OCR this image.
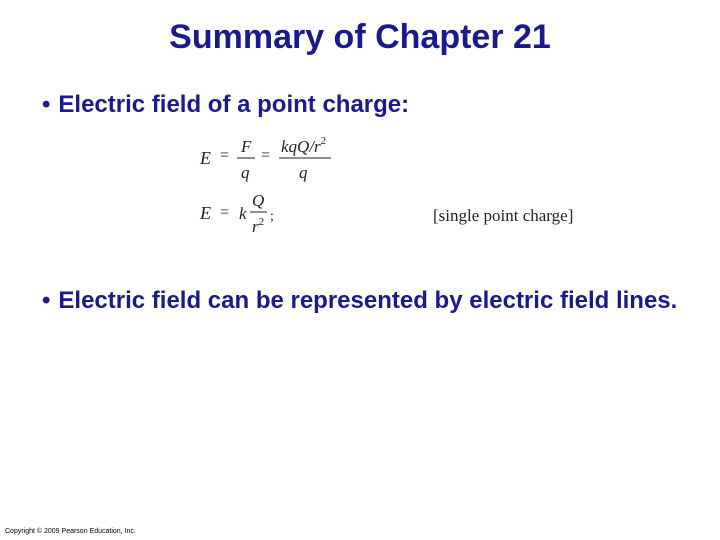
Summary of Chapter 21
• Electric field of a point charge:
E = F
q
= kqQ/$r^2$
q
E = k
Q
$r^2$ ;	[single point charge]
• Electric field can be represented by electric field lines.
Copyright © 2009 Pearson Education, Inc.
